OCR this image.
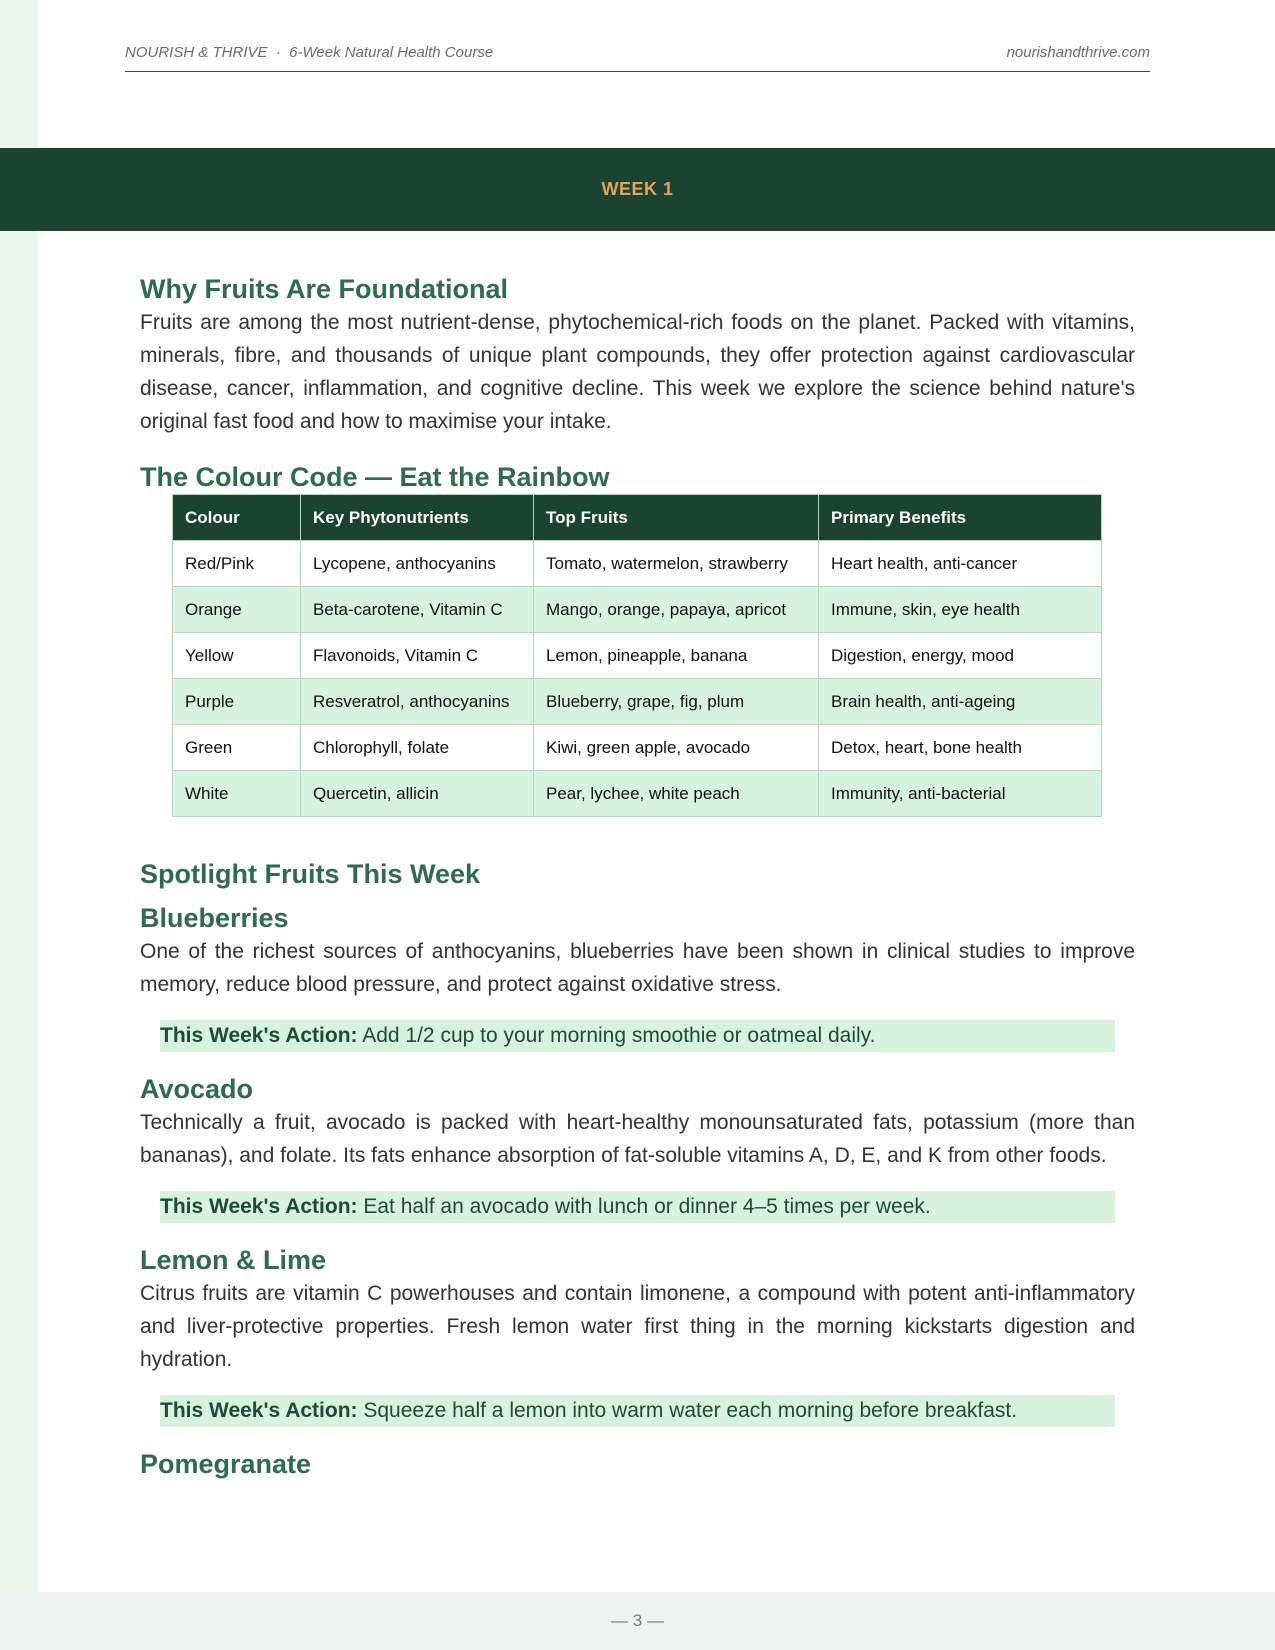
NOURISH & THRIVE  ·  6-Week Natural Health Course	nourishandthrive.com
WEEK 1
Why Fruits Are Foundational

Fruits are among the most nutrient-dense, phytochemical-rich foods on the planet. Packed with vitamins, minerals, fibre, and thousands of unique plant compounds, they offer protection against cardiovascular disease, cancer, inflammation, and cognitive decline. This week we explore the science behind nature's original fast food and how to maximise your intake.

The Colour Code — Eat the Rainbow
Colour	Key Phytonutrients	Top Fruits	Primary Benefits
Red/Pink	Lycopene, anthocyanins	Tomato, watermelon, strawberry	Heart health, anti-cancer
Orange	Beta-carotene, Vitamin C	Mango, orange, papaya, apricot	Immune, skin, eye health
Yellow	Flavonoids, Vitamin C	Lemon, pineapple, banana	Digestion, energy, mood
Purple	Resveratrol, anthocyanins	Blueberry, grape, fig, plum	Brain health, anti-ageing
Green	Chlorophyll, folate	Kiwi, green apple, avocado	Detox, heart, bone health
White	Quercetin, allicin	Pear, lychee, white peach	Immunity, anti-bacterial
Spotlight Fruits This Week
Blueberries

One of the richest sources of anthocyanins, blueberries have been shown in clinical studies to improve memory, reduce blood pressure, and protect against oxidative stress.

This Week's Action: Add 1/2 cup to your morning smoothie or oatmeal daily.
Avocado

Technically a fruit, avocado is packed with heart-healthy monounsaturated fats, potassium (more than bananas), and folate. Its fats enhance absorption of fat-soluble vitamins A, D, E, and K from other foods.

This Week's Action: Eat half an avocado with lunch or dinner 4–5 times per week.
Lemon & Lime

Citrus fruits are vitamin C powerhouses and contain limonene, a compound with potent anti-inflammatory and liver-protective properties. Fresh lemon water first thing in the morning kickstarts digestion and hydration.

This Week's Action: Squeeze half a lemon into warm water each morning before breakfast.
Pomegranate
— 3 —
